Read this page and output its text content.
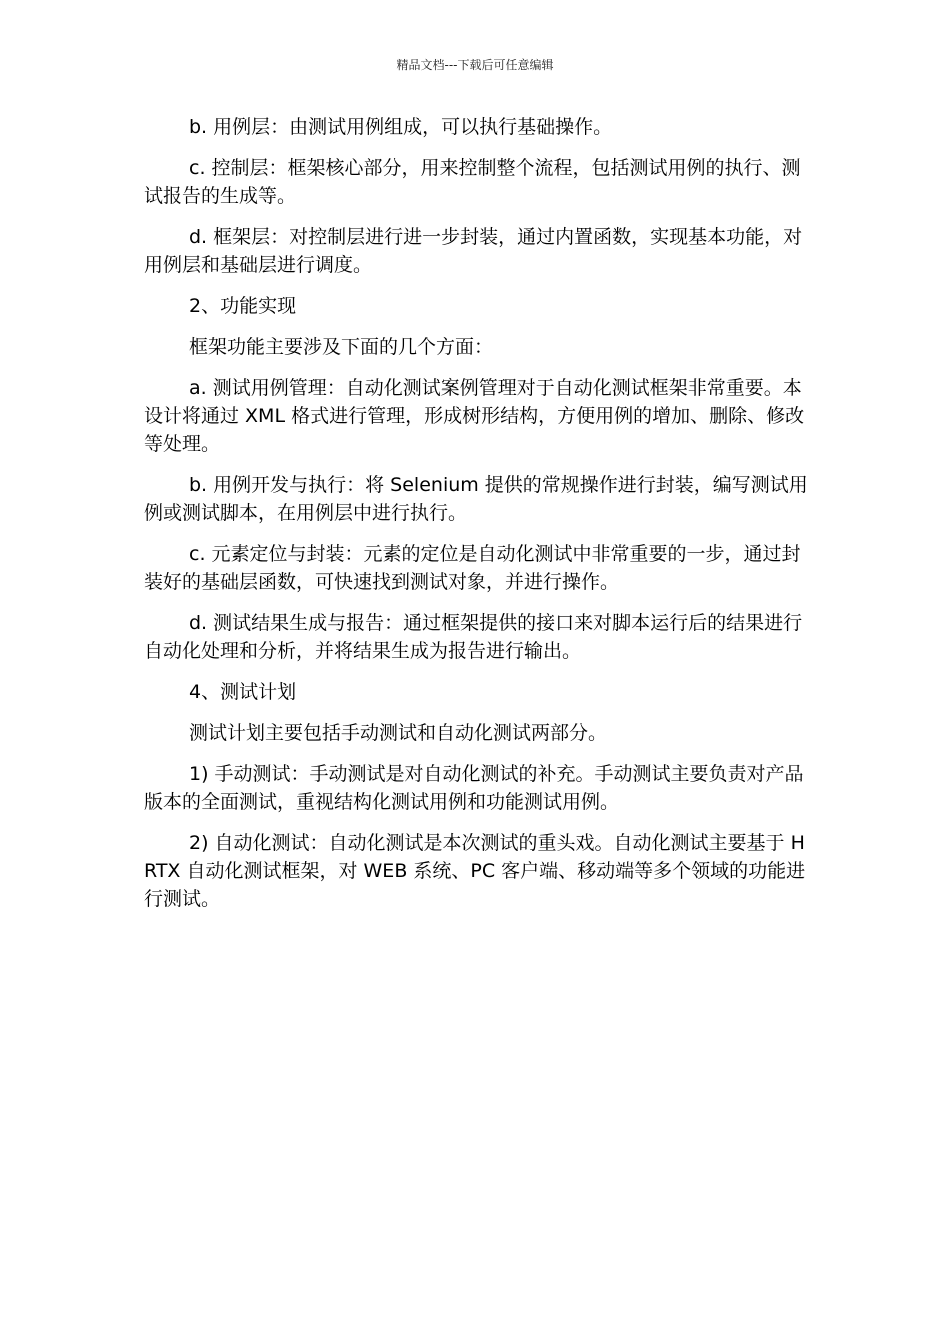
精品文档---下载后可任意编辑

b. 用例层：由测试用例组成，可以执行基础操作。

c. 控制层：框架核心部分，用来控制整个流程，包括测试用例的执行、测试报告的生成等。

d. 框架层：对控制层进行进一步封装，通过内置函数，实现基本功能，对用例层和基础层进行调度。

2、功能实现

框架功能主要涉及下面的几个方面：

a. 测试用例管理：自动化测试案例管理对于自动化测试框架非常重要。本设计将通过 XML 格式进行管理，形成树形结构，方便用例的增加、删除、修改等处理。

b. 用例开发与执行：将 Selenium 提供的常规操作进行封装，编写测试用例或测试脚本，在用例层中进行执行。

c. 元素定位与封装：元素的定位是自动化测试中非常重要的一步，通过封装好的基础层函数，可快速找到测试对象，并进行操作。

d. 测试结果生成与报告：通过框架提供的接口来对脚本运行后的结果进行自动化处理和分析，并将结果生成为报告进行输出。

4、测试计划

测试计划主要包括手动测试和自动化测试两部分。

1) 手动测试：手动测试是对自动化测试的补充。手动测试主要负责对产品版本的全面测试，重视结构化测试用例和功能测试用例。

2) 自动化测试：自动化测试是本次测试的重头戏。自动化测试主要基于 HRTX 自动化测试框架，对 WEB 系统、PC 客户端、移动端等多个领域的功能进行测试。
